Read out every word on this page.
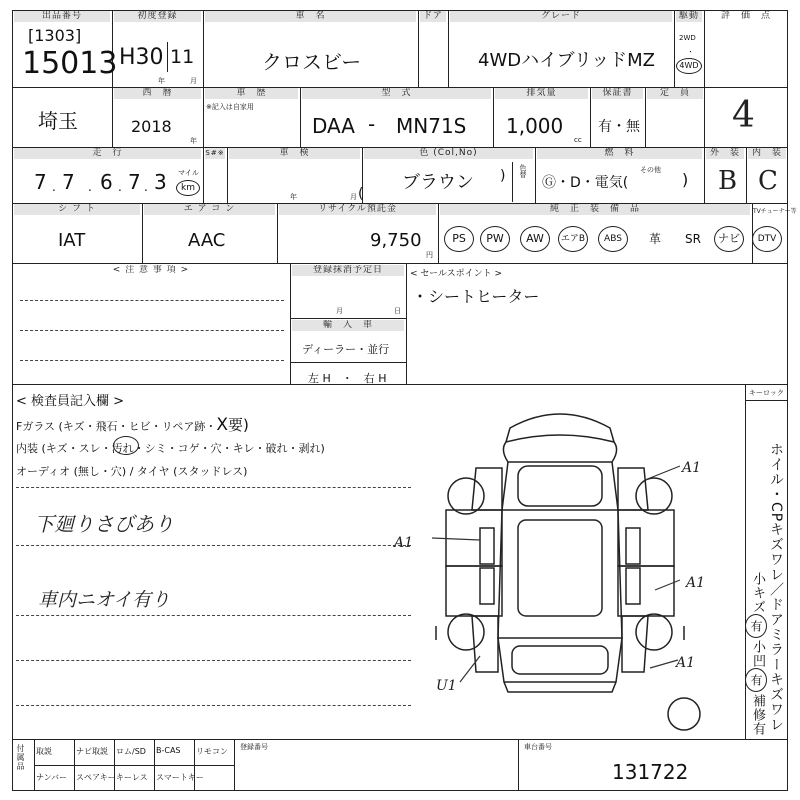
出品番号
[1303]
15013
初度登録
H30 11
年	月
車　名
クロスビー
ドア	グレード
4WDハイブリッドMZ
駆動
2WD
・
4WD
評　価　点
埼玉
西　暦
2018
年
車　歴
※記入は自家用
型　式
DAA - MN71S
排気量
1,000
cc
保証書
有・無
定　員
4
走　行
7 7 6 7 3
.	. . .
マイル
km
S#※	車　検
年	月 (
色 (Col,No)
ブラウン ) 色替
燃　料
Ⓖ・D・電気(
その他 )
外　装
B
内　装
C
シ フ ト
IAT
エ ア コ ン
AAC
リサイクル預託金
9,750
円
純　正　装　備　品	TVチューナー等
PS	PW	AW	エアB	ABS	革	SR	ナビ	DTV
< 注 意 事 項 >	登録抹消予定日
月	日
輸　入　車
ディーラー・並行
左 H　・　右 H
< セールスポイント >
・シートヒーター
キーロック
< 検査員記入欄 >
Fガラス (キズ・飛石・ヒビ・リペア跡・X要)
内装 (キズ・スレ・汚れ・シミ・コゲ・穴・キレ・破れ・剥れ)
オーディオ (無し・穴) / タイヤ (スタッドレス)
下廻りさびあり
車内ニオイ有り
A1
A1
A1
A1
U1	ホイル・CPキズワレ／ドアミラーキズワレ
小キズ
有
小凹
有
補修有
付属品 取説	ナビ取説 ロム/SD B-CAS リモコン
ナンバー スペアキー キーレス スマートキー
登録番号	車台番号
131722
